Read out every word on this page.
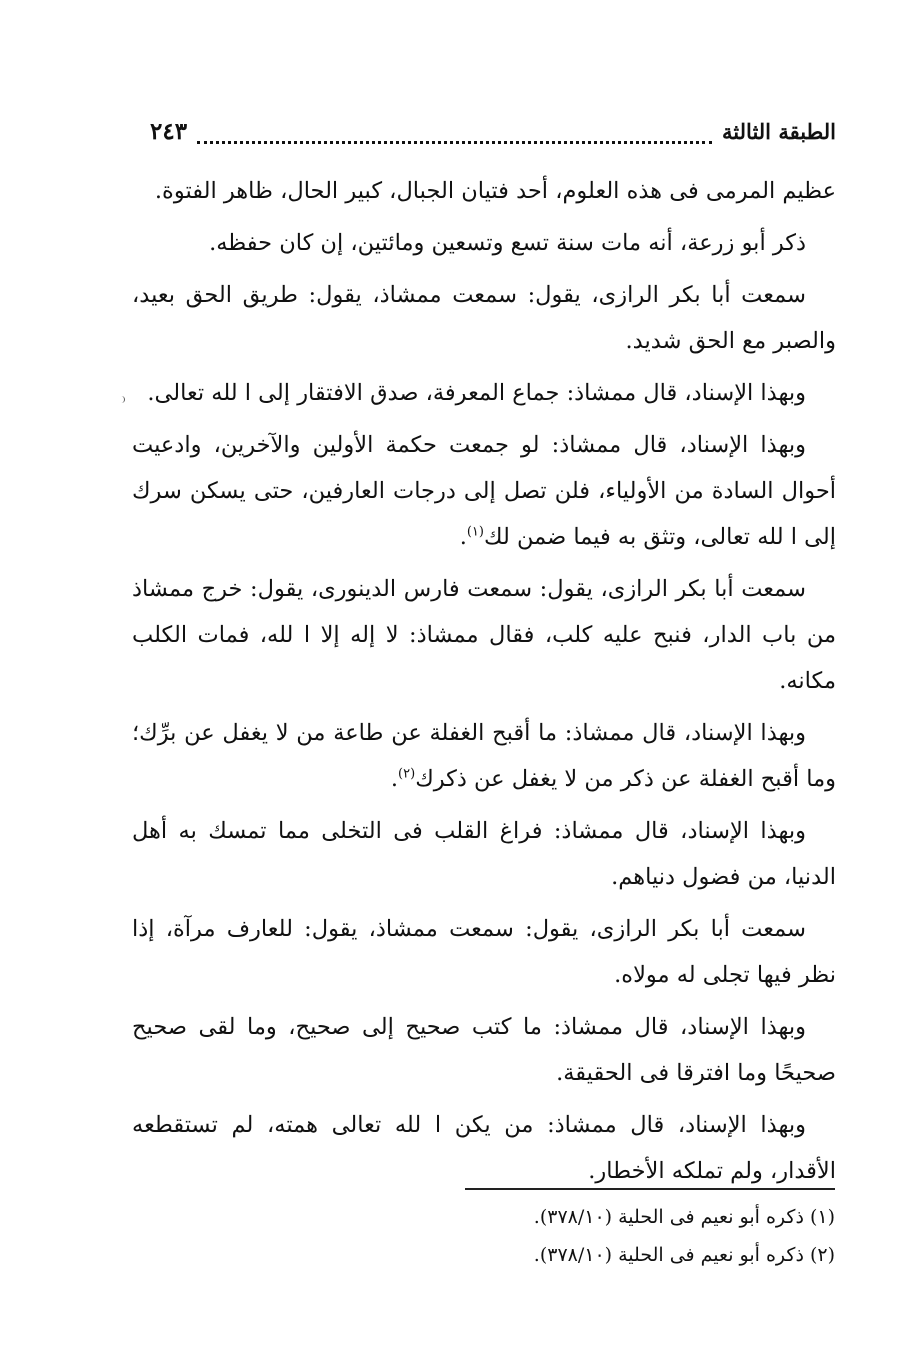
الطبقة الثالثة
٢٤٣

عظيم المرمى فى هذه العلوم، أحد فتيان الجبال، كبير الحال، ظاهر الفتوة.

ذكر أبو زرعة، أنه مات سنة تسع وتسعين ومائتين، إن كان حفظه.

سمعت أبا بكر الرازى، يقول: سمعت ممشاذ، يقول: طريق الحق بعيد، والصبر مع الحق شديد.

وبهذا الإسناد، قال ممشاذ: جماع المعرفة، صدق الافتقار إلى ا لله تعالى.

وبهذا الإسناد، قال ممشاذ: لو جمعت حكمة الأولين والآخرين، وادعيت أحوال السادة من الأولياء، فلن تصل إلى درجات العارفين، حتى يسكن سرك إلى ا لله تعالى، وتثق به فيما ضمن لك$^{(١)}$.

سمعت أبا بكر الرازى، يقول: سمعت فارس الدينورى، يقول: خرج ممشاذ من باب الدار، فنبح عليه كلب، فقال ممشاذ: لا إله إلا ا لله، فمات الكلب مكانه.

وبهذا الإسناد، قال ممشاذ: ما أقبح الغفلة عن طاعة من لا يغفل عن برِّك؛ وما أقبح الغفلة عن ذكر من لا يغفل عن ذكرك$^{(٢)}$.

وبهذا الإسناد، قال ممشاذ: فراغ القلب فى التخلى مما تمسك به أهل الدنيا، من فضول دنياهم.

سمعت أبا بكر الرازى، يقول: سمعت ممشاذ، يقول: للعارف مرآة، إذا نظر فيها تجلى له مولاه.

وبهذا الإسناد، قال ممشاذ: ما كتب صحيح إلى صحيح، وما لقى صحيح صحيحًا وما افترقا فى الحقيقة.

وبهذا الإسناد، قال ممشاذ: من يكن ا لله تعالى همته، لم تستقطعه الأقدار، ولم تملكه الأخطار.

(١) ذكره أبو نعيم فى الحلية (٣٧٨/١٠).
(٢) ذكره أبو نعيم فى الحلية (٣٧٨/١٠).
